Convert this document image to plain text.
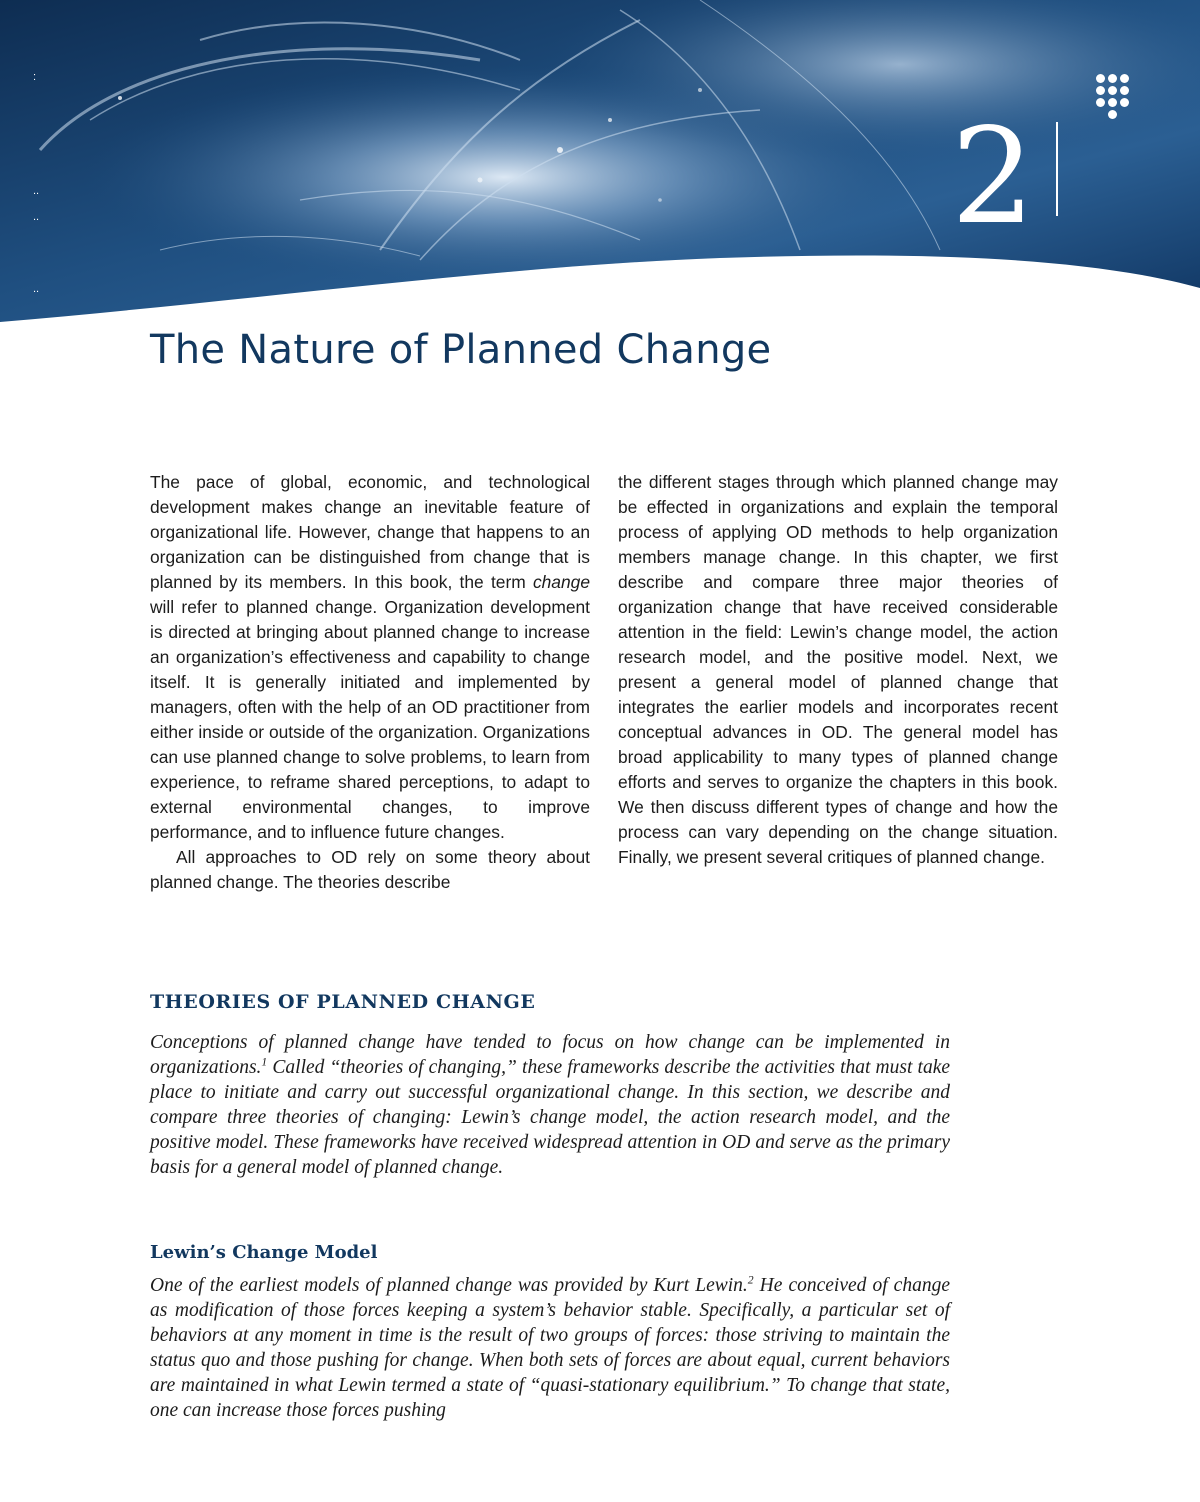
:
..
..
..
2
The Nature of Planned Change

The pace of global, economic, and technological development makes change an inevitable feature of organizational life. However, change that happens to an organization can be distinguished from change that is planned by its members. In this book, the term change will refer to planned change. Organization development is directed at bringing about planned change to increase an organization’s effectiveness and capability to change itself. It is generally initiated and implemented by managers, often with the help of an OD practitioner from either inside or outside of the organization. Organizations can use planned change to solve problems, to learn from experience, to reframe shared perceptions, to adapt to external environmental changes, to improve performance, and to influence future changes.

All approaches to OD rely on some theory about planned change. The theories describe

the different stages through which planned change may be effected in organizations and explain the temporal process of applying OD methods to help organization members manage change. In this chapter, we first describe and compare three major theories of organization change that have received considerable attention in the field: Lewin’s change model, the action research model, and the positive model. Next, we present a general model of planned change that integrates the earlier models and incorporates recent conceptual advances in OD. The general model has broad applicability to many types of planned change efforts and serves to organize the chapters in this book. We then discuss different types of change and how the process can vary depending on the change situation. Finally, we present several critiques of planned change.

THEORIES OF PLANNED CHANGE

Conceptions of planned change have tended to focus on how change can be implemented in organizations.$^1$ Called “theories of changing,” these frameworks describe the activities that must take place to initiate and carry out successful organizational change. In this section, we describe and compare three theories of changing: Lewin’s change model, the action research model, and the positive model. These frameworks have received widespread attention in OD and serve as the primary basis for a general model of planned change.

Lewin’s Change Model

One of the earliest models of planned change was provided by Kurt Lewin.$^2$ He conceived of change as modification of those forces keeping a system’s behavior stable. Specifically, a particular set of behaviors at any moment in time is the result of two groups of forces: those striving to maintain the status quo and those pushing for change. When both sets of forces are about equal, current behaviors are maintained in what Lewin termed a state of “quasi-stationary equilibrium.” To change that state, one can increase those forces pushing
